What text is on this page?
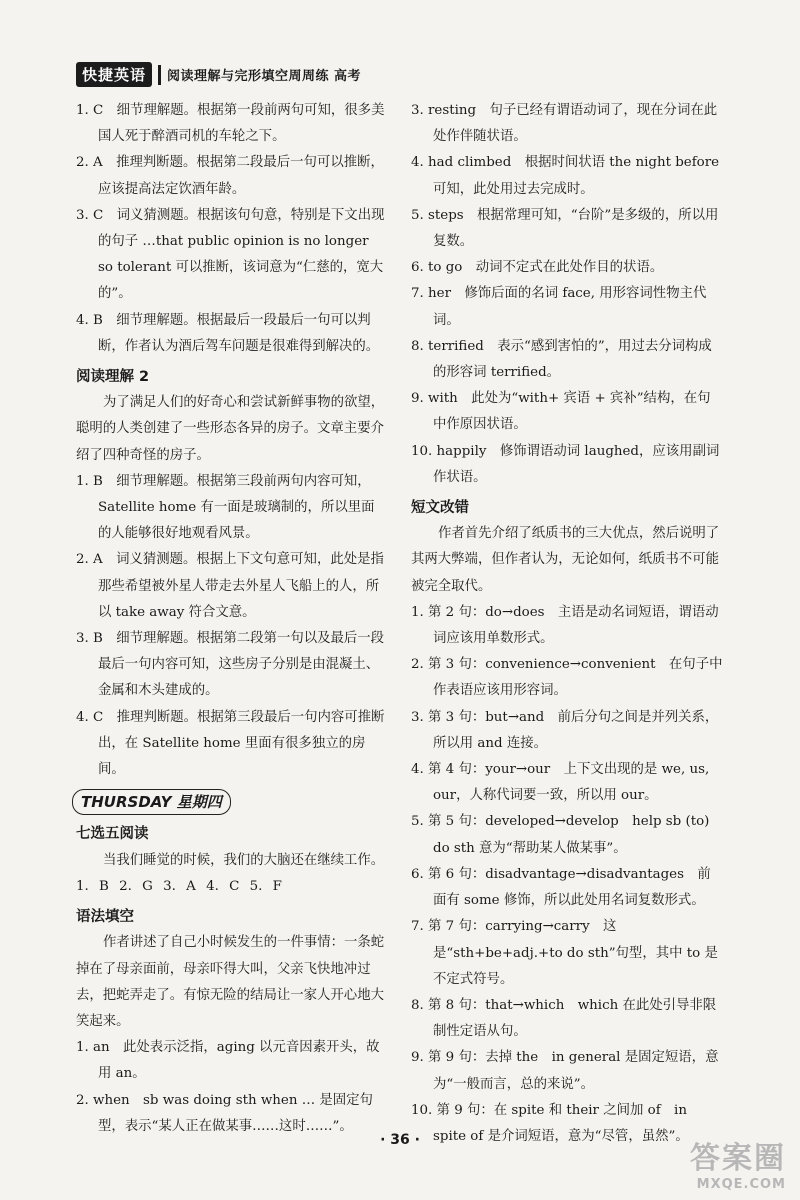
快捷英语	阅读理解与完形填空周周练 高考
1. C　细节理解题。根据第一段前两句可知，很多美国人死于醉酒司机的车轮之下。
2. A　推理判断题。根据第二段最后一句可以推断，应该提高法定饮酒年龄。
3. C　词义猜测题。根据该句句意，特别是下文出现的句子 …that public opinion is no longer so tolerant 可以推断，该词意为“仁慈的，宽大的”。
4. B　细节理解题。根据最后一段最后一句可以判断，作者认为酒后驾车问题是很难得到解决的。
阅读理解 2
为了满足人们的好奇心和尝试新鲜事物的欲望，聪明的人类创建了一些形态各异的房子。文章主要介绍了四种奇怪的房子。
1. B　细节理解题。根据第三段前两句内容可知，Satellite home 有一面是玻璃制的，所以里面的人能够很好地观看风景。
2. A　词义猜测题。根据上下文句意可知，此处是指那些希望被外星人带走去外星人飞船上的人，所以 take away 符合文意。
3. B　细节理解题。根据第二段第一句以及最后一段最后一句内容可知，这些房子分别是由混凝土、金属和木头建成的。
4. C　推理判断题。根据第三段最后一句内容可推断出，在 Satellite home 里面有很多独立的房间。
THURSDAY 星期四
七选五阅读
当我们睡觉的时候，我们的大脑还在继续工作。
1. B 2. G 3. A 4. C 5. F
语法填空
作者讲述了自己小时候发生的一件事情：一条蛇掉在了母亲面前，母亲吓得大叫，父亲飞快地冲过去，把蛇弄走了。有惊无险的结局让一家人开心地大笑起来。
1. an　此处表示泛指，aging 以元音因素开头，故用 an。
2. when　sb was doing sth when … 是固定句型，表示“某人正在做某事……这时……”。
3. resting　句子已经有谓语动词了，现在分词在此处作伴随状语。
4. had climbed　根据时间状语 the night before 可知，此处用过去完成时。
5. steps　根据常理可知，“台阶”是多级的，所以用复数。
6. to go　动词不定式在此处作目的状语。
7. her　修饰后面的名词 face, 用形容词性物主代词。
8. terrified　表示“感到害怕的”，用过去分词构成的形容词 terrified。
9. with　此处为“with+ 宾语 + 宾补”结构，在句中作原因状语。
10. happily　修饰谓语动词 laughed，应该用副词作状语。
短文改错
作者首先介绍了纸质书的三大优点，然后说明了其两大弊端，但作者认为，无论如何，纸质书不可能被完全取代。
1. 第 2 句：do→does　主语是动名词短语，谓语动词应该用单数形式。
2. 第 3 句：convenience→convenient　在句子中作表语应该用形容词。
3. 第 3 句：but→and　前后分句之间是并列关系，所以用 and 连接。
4. 第 4 句：your→our　上下文出现的是 we, us, our，人称代词要一致，所以用 our。
5. 第 5 句：developed→develop　help sb (to) do sth 意为“帮助某人做某事”。
6. 第 6 句：disadvantage→disadvantages　前面有 some 修饰，所以此处用名词复数形式。
7. 第 7 句：carrying→carry　这是“sth+be+adj.+to do sth”句型，其中 to 是不定式符号。
8. 第 8 句：that→which　which 在此处引导非限制性定语从句。
9. 第 9 句：去掉 the　in general 是固定短语，意为“一般而言，总的来说”。
10. 第 9 句：在 spite 和 their 之间加 of　in spite of 是介词短语，意为“尽管，虽然”。
· 36 ·
答案圈
MXQE.COM
